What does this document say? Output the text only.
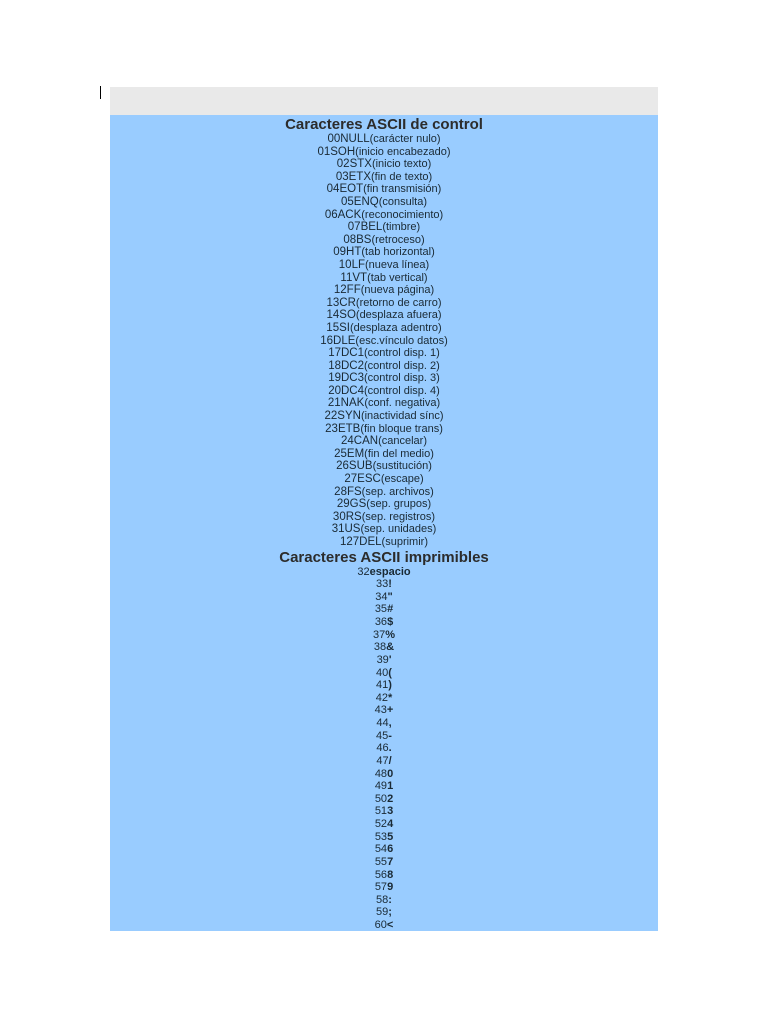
Caracteres ASCII de control
00NULL(carácter nulo)
01SOH(inicio encabezado)
02STX(inicio texto)
03ETX(fin de texto)
04EOT(fin transmisión)
05ENQ(consulta)
06ACK(reconocimiento)
07BEL(timbre)
08BS(retroceso)
09HT(tab horizontal)
10LF(nueva línea)
11VT(tab vertical)
12FF(nueva página)
13CR(retorno de carro)
14SO(desplaza afuera)
15SI(desplaza adentro)
16DLE(esc.vínculo datos)
17DC1(control disp. 1)
18DC2(control disp. 2)
19DC3(control disp. 3)
20DC4(control disp. 4)
21NAK(conf. negativa)
22SYN(inactividad sínc)
23ETB(fin bloque trans)
24CAN(cancelar)
25EM(fin del medio)
26SUB(sustitución)
27ESC(escape)
28FS(sep. archivos)
29GS(sep. grupos)
30RS(sep. registros)
31US(sep. unidades)
127DEL(suprimir)
Caracteres ASCII imprimibles
32espacio
33!
34"
35#
36$
37%
38&
39'
40(
41)
42*
43+
44,
45-
46.
47/
480
491
502
513
524
535
546
557
568
579
58:
59;
60<
